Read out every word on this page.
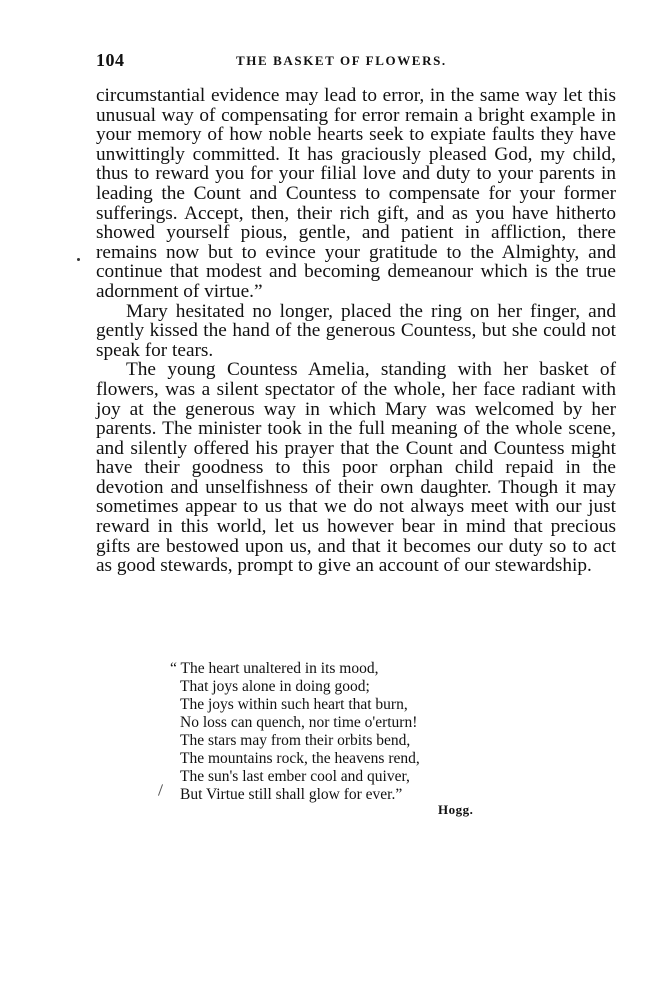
104	THE BASKET OF FLOWERS.

circumstantial evidence may lead to error, in the same way let this unusual way of compensating for error remain a bright example in your memory of how noble hearts seek to expiate faults they have unwittingly committed. It has graciously pleased God, my child, thus to reward you for your filial love and duty to your parents in leading the Count and Countess to compensate for your former sufferings. Accept, then, their rich gift, and as you have hitherto showed yourself pious, gentle, and patient in affliction, there remains now but to evince your gratitude to the Almighty, and continue that modest and becoming demeanour which is the true adornment of virtue.”

Mary hesitated no longer, placed the ring on her finger, and gently kissed the hand of the generous Countess, but she could not speak for tears.

The young Countess Amelia, standing with her basket of flowers, was a silent spectator of the whole, her face radiant with joy at the generous way in which Mary was welcomed by her parents. The minister took in the full meaning of the whole scene, and silently offered his prayer that the Count and Countess might have their goodness to this poor orphan child repaid in the devotion and unselfishness of their own daughter. Though it may sometimes appear to us that we do not always meet with our just reward in this world, let us however bear in mind that precious gifts are bestowed upon us, and that it becomes our duty so to act as good stewards, prompt to give an account of our stewardship.

“ The heart unaltered in its mood,
That joys alone in doing good;
The joys within such heart that burn,
No loss can quench, nor time o'erturn!
The stars may from their orbits bend,
The mountains rock, the heavens rend,
The sun's last ember cool and quiver,
But Virtue still shall glow for ever.”
Hogg.
